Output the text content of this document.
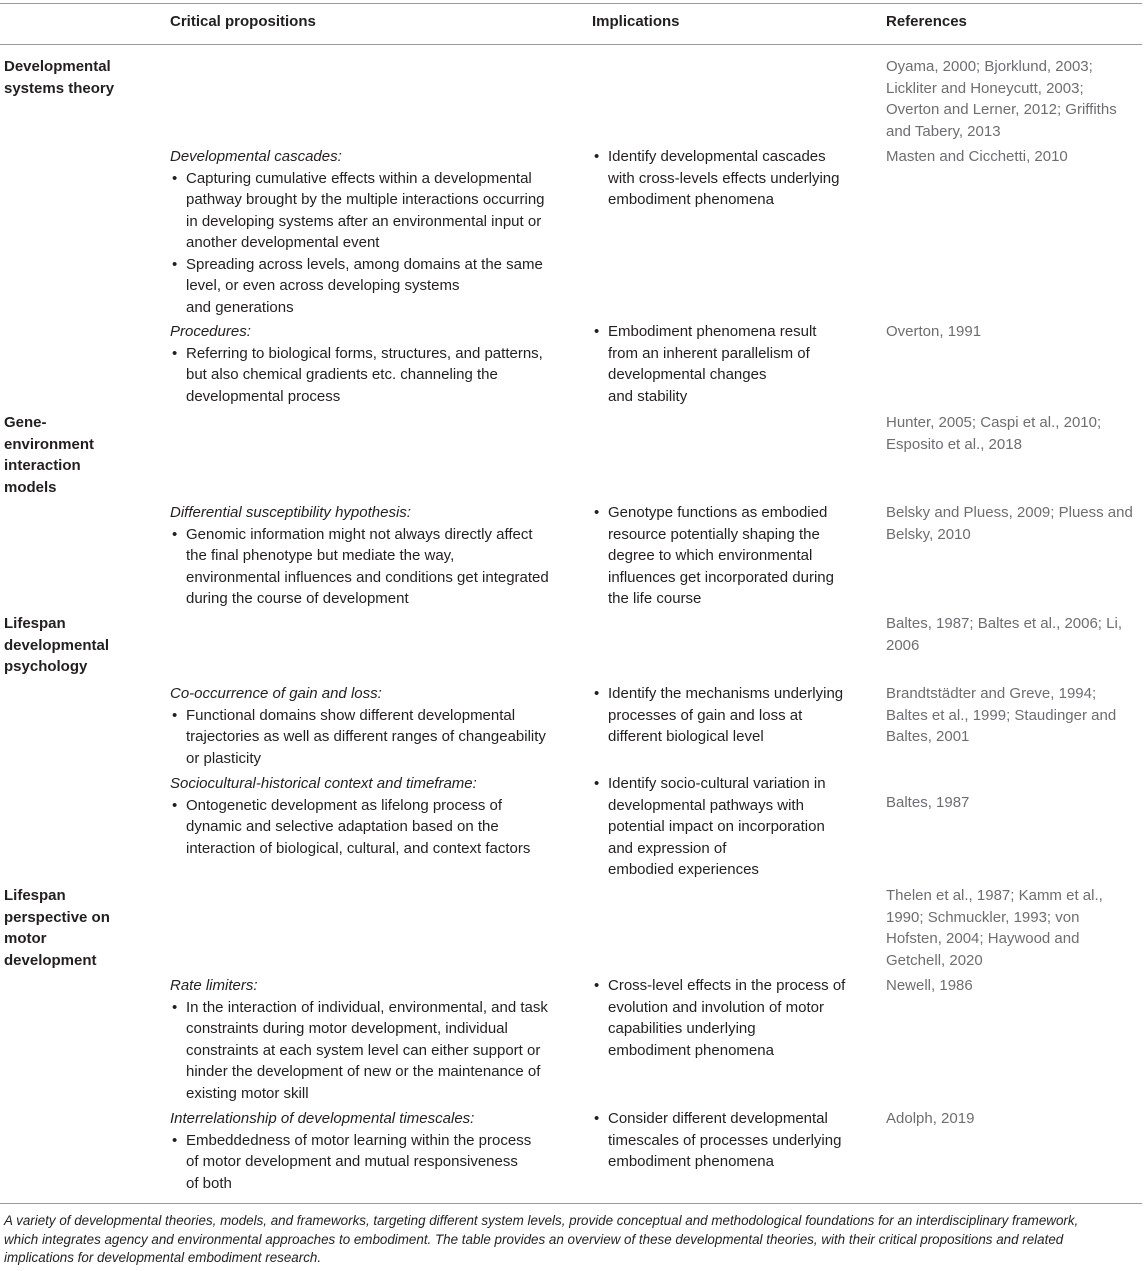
Critical propositions	Implications	References
Developmental
systems theory
Oyama, 2000; Bjorklund, 2003;
Lickliter and Honeycutt, 2003;
Overton and Lerner, 2012; Griffiths
and Tabery, 2013
Developmental cascades:
• Capturing cumulative effects within a developmental
pathway brought by the multiple interactions occurring
in developing systems after an environmental input or
another developmental event
• Spreading across levels, among domains at the same
level, or even across developing systems
and generations
• Identify developmental cascades
with cross-levels effects underlying
embodiment phenomena
Masten and Cicchetti, 2010
Procedures:
• Referring to biological forms, structures, and patterns,
but also chemical gradients etc. channeling the
developmental process
• Embodiment phenomena result
from an inherent parallelism of
developmental changes
and stability
Overton, 1991
Gene-
environment
interaction
models
Hunter, 2005; Caspi et al., 2010;
Esposito et al., 2018
Differential susceptibility hypothesis:
• Genomic information might not always directly affect
the final phenotype but mediate the way,
environmental influences and conditions get integrated
during the course of development
• Genotype functions as embodied
resource potentially shaping the
degree to which environmental
influences get incorporated during
the life course
Belsky and Pluess, 2009; Pluess and
Belsky, 2010
Lifespan
developmental
psychology
Baltes, 1987; Baltes et al., 2006; Li,
2006
Co-occurrence of gain and loss:
• Functional domains show different developmental
trajectories as well as different ranges of changeability
or plasticity
• Identify the mechanisms underlying
processes of gain and loss at
different biological level
Brandtstädter and Greve, 1994;
Baltes et al., 1999; Staudinger and
Baltes, 2001
Sociocultural-historical context and timeframe:
• Ontogenetic development as lifelong process of
dynamic and selective adaptation based on the
interaction of biological, cultural, and context factors
• Identify socio-cultural variation in
developmental pathways with
potential impact on incorporation
and expression of
embodied experiences
Baltes, 1987
Lifespan
perspective on
motor
development
Thelen et al., 1987; Kamm et al.,
1990; Schmuckler, 1993; von
Hofsten, 2004; Haywood and
Getchell, 2020
Rate limiters:
• In the interaction of individual, environmental, and task
constraints during motor development, individual
constraints at each system level can either support or
hinder the development of new or the maintenance of
existing motor skill
• Cross-level effects in the process of
evolution and involution of motor
capabilities underlying
embodiment phenomena
Newell, 1986
Interrelationship of developmental timescales:
• Embeddedness of motor learning within the process
of motor development and mutual responsiveness
of both
• Consider different developmental
timescales of processes underlying
embodiment phenomena
Adolph, 2019
A variety of developmental theories, models, and frameworks, targeting different system levels, provide conceptual and methodological foundations for an interdisciplinary framework,
which integrates agency and environmental approaches to embodiment. The table provides an overview of these developmental theories, with their critical propositions and related
implications for developmental embodiment research.
